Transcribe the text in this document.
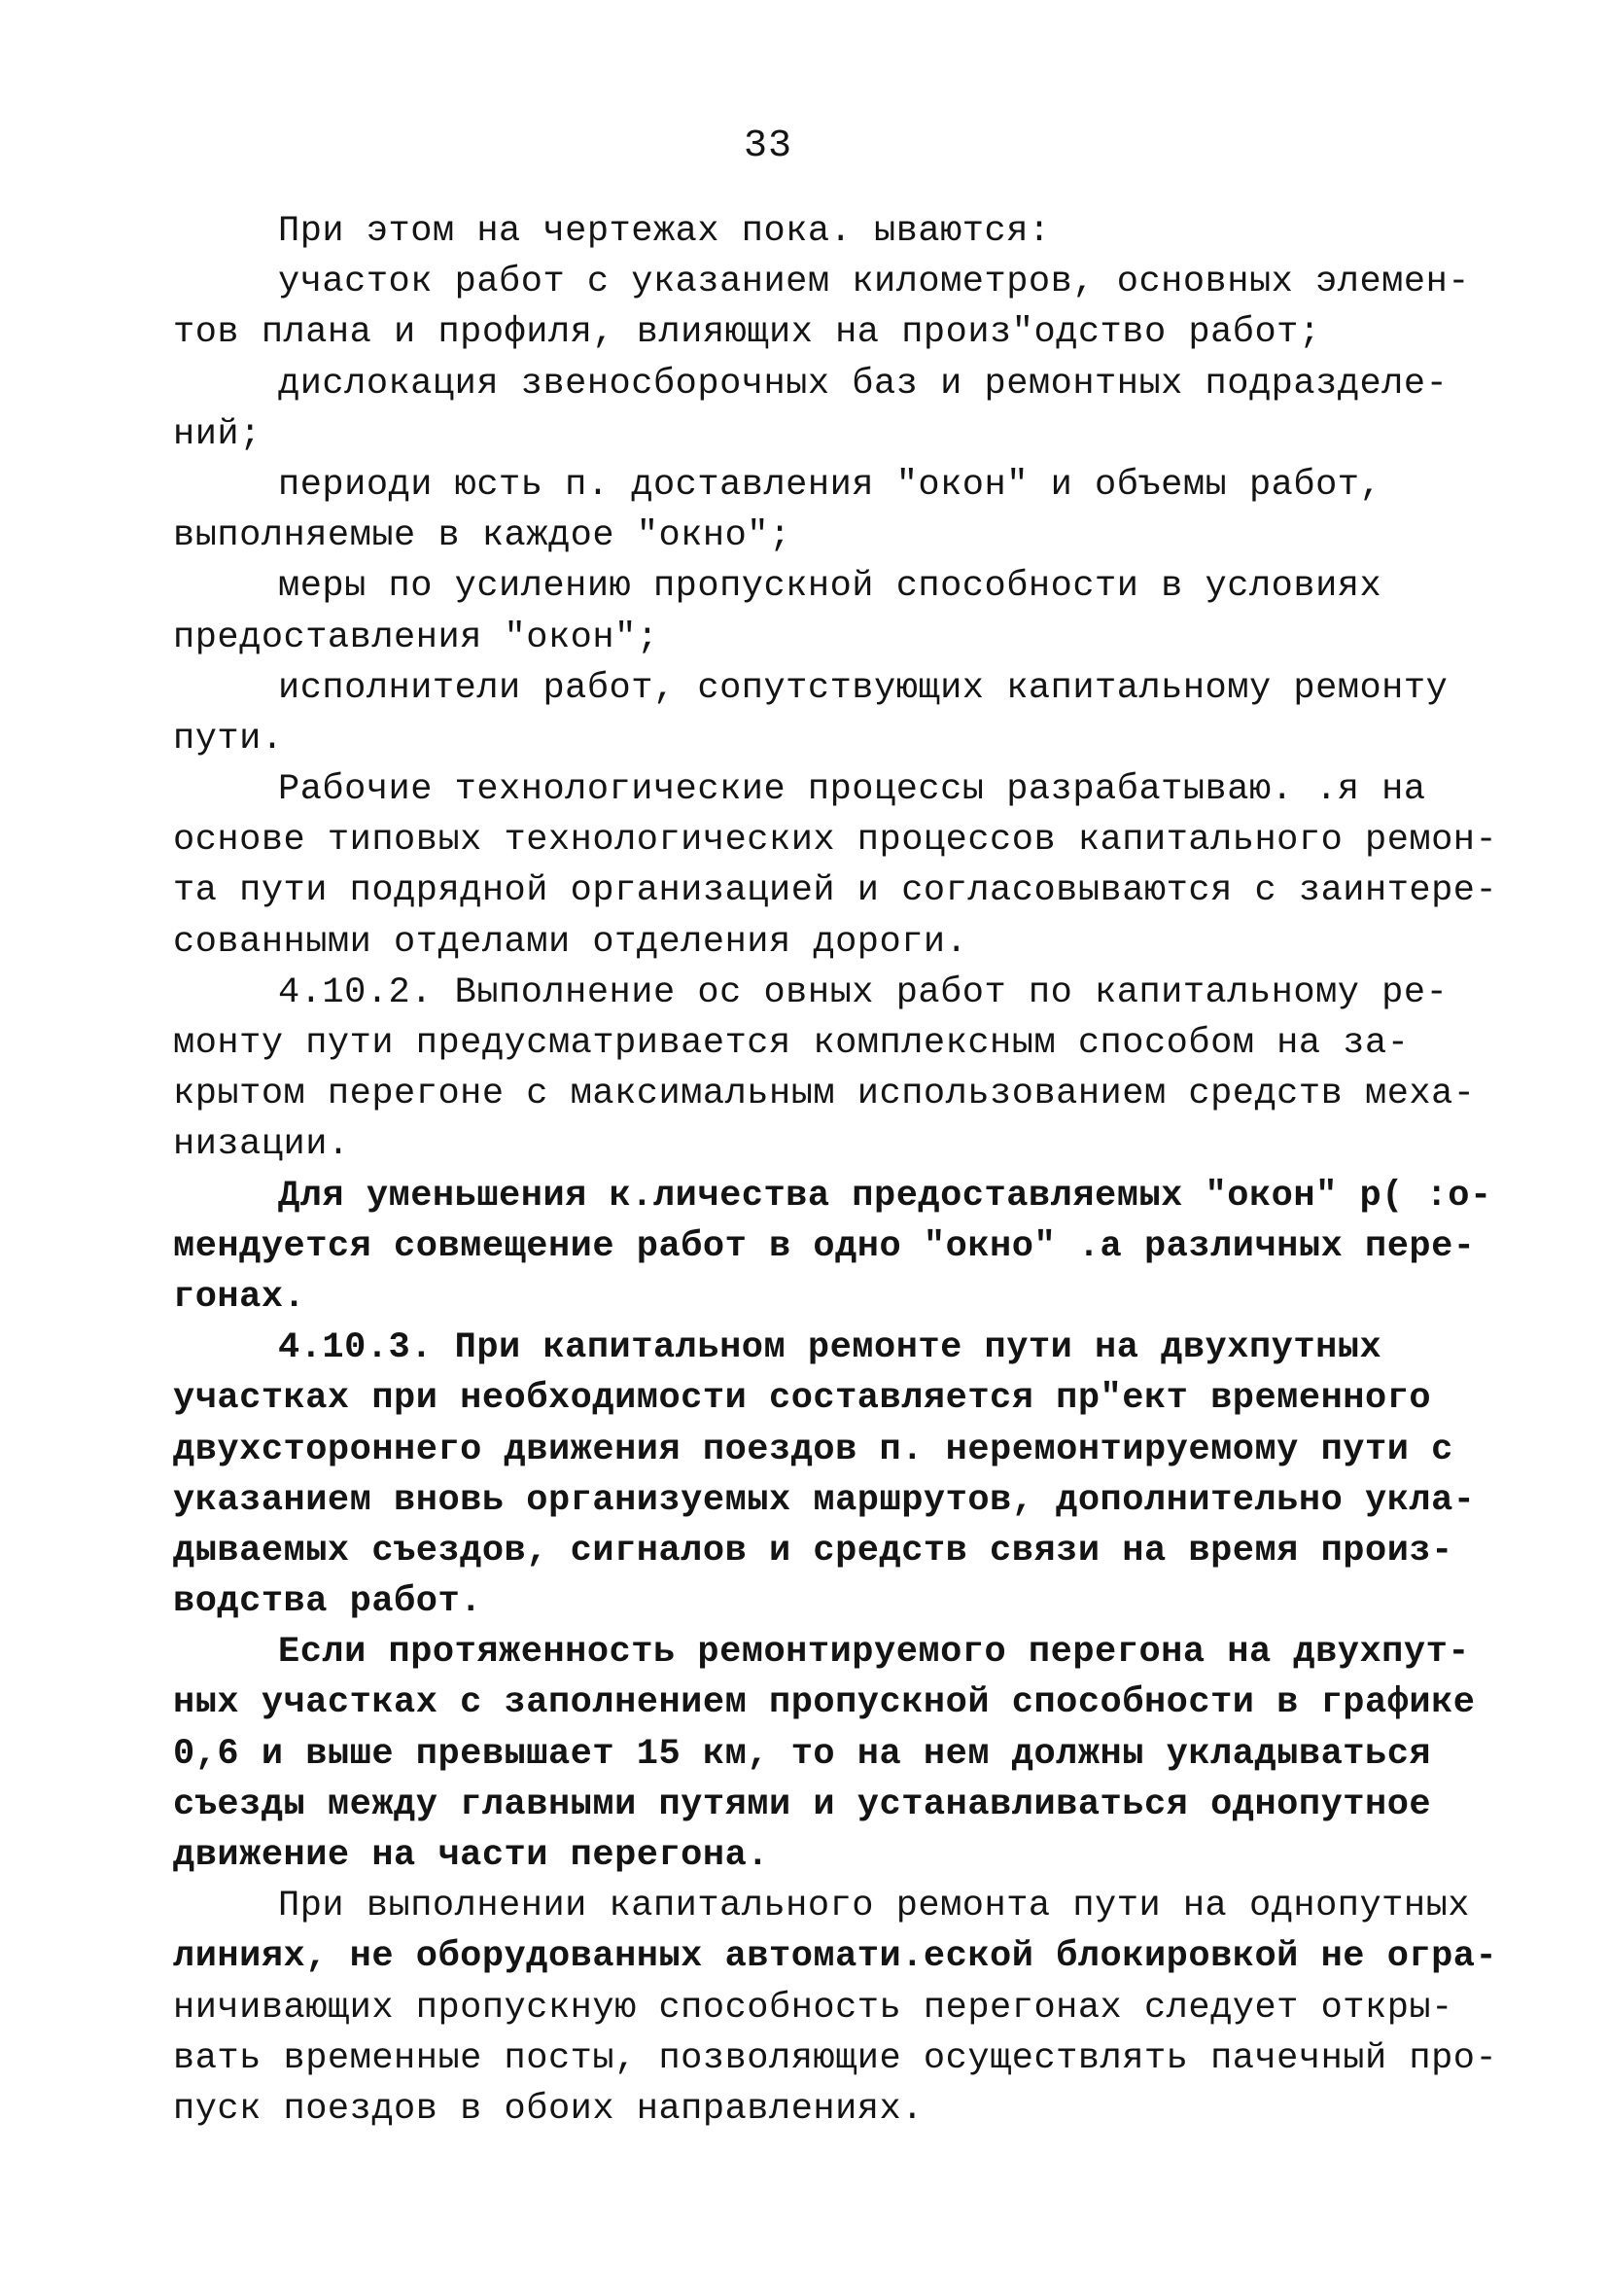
33
При этом на чертежах пока. ываются:
участок работ с указанием километров, основных элемен-
тов плана и профиля, влияющих на произ"одство работ;
дислокация звеносборочных баз и ремонтных подразделе-
ний;
периоди юсть п. доставления "окон" и объемы работ,
выполняемые в каждое "окно";
меры по усилению пропускной способности в условиях
предоставления "окон";
исполнители работ, сопутствующих капитальному ремонту
пути.
Рабочие технологические процессы разрабатываю. .я на
основе типовых технологических процессов капитального ремон-
та пути подрядной организацией и согласовываются с заинтере-
сованными отделами отделения дороги.
4.10.2. Выполнение ос овных работ по капитальному ре-
монту пути предусматривается комплексным способом на за-
крытом перегоне с максимальным использованием средств меха-
низации.
Для уменьшения к.личества предоставляемых "окон" р( :о-
мендуется совмещение работ в одно "окно" .а различных пере-
гонах.
4.10.3. При капитальном ремонте пути на двухпутных
участках при необходимости составляется пр"ект временного
двухстороннего движения поездов п. неремонтируемому пути с
указанием вновь организуемых маршрутов, дополнительно укла-
дываемых съездов, сигналов и средств связи на время произ-
водства работ.
Если протяженность ремонтируемого перегона на двухпут-
ных участках с заполнением пропускной способности в графике
0,6 и выше превышает 15 км, то на нем должны укладываться
съезды между главными путями и устанавливаться однопутное
движение на части перегона.
При выполнении капитального ремонта пути на однопутных
линиях, не оборудованных автомати.еской блокировкой не огра-
ничивающих пропускную способность перегонах следует откры-
вать временные посты, позволяющие осуществлять пачечный про-
пуск поездов в обоих направлениях.
